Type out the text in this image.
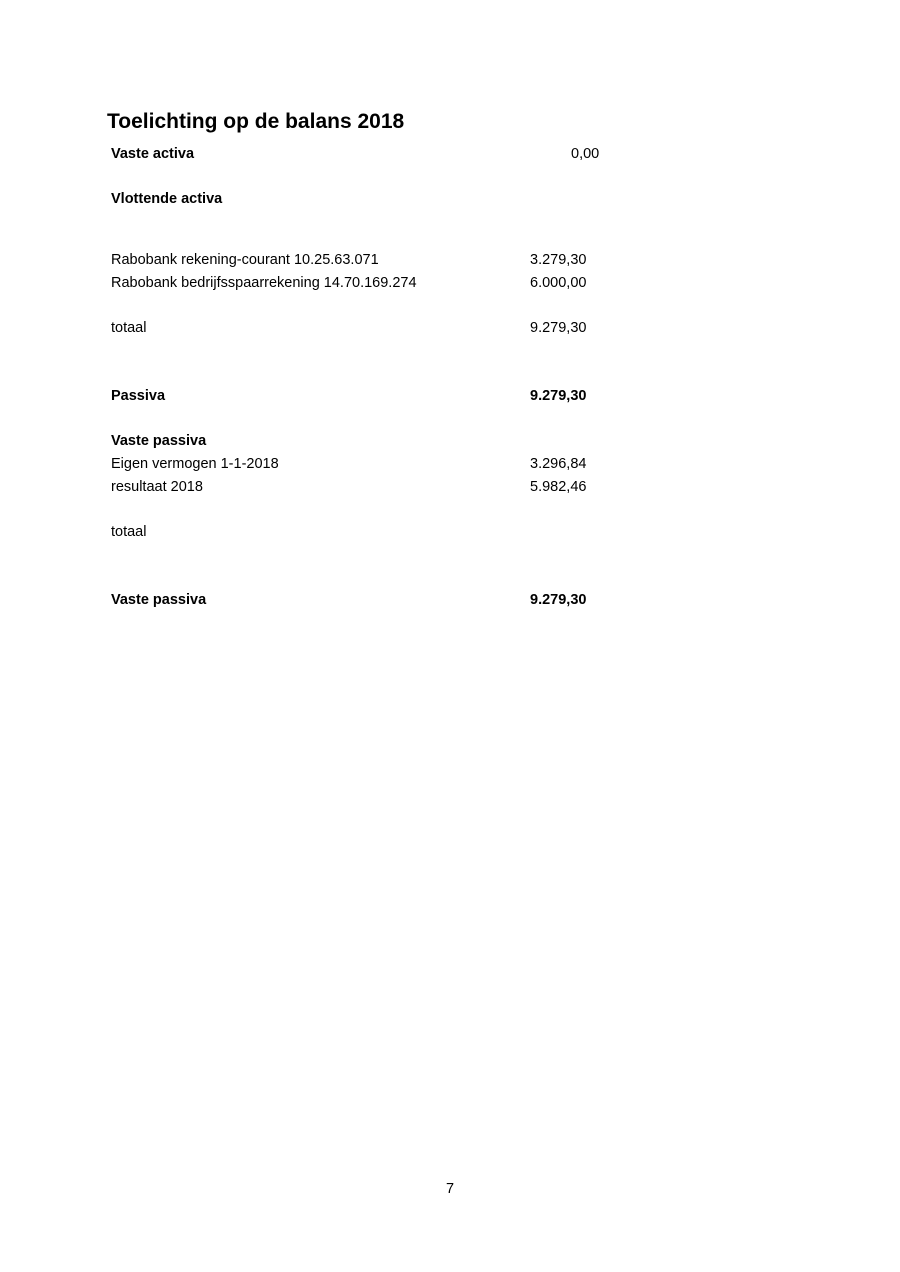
Toelichting op de balans 2018
Vaste activa	0,00
Vlottende activa
Rabobank rekening-courant 10.25.63.071	3.279,30
Rabobank bedrijfsspaarrekening 14.70.169.274	6.000,00
totaal	9.279,30
Passiva	9.279,30
Vaste passiva
Eigen vermogen 1-1-2018	3.296,84
resultaat 2018	5.982,46
totaal
Vaste passiva	9.279,30
7
